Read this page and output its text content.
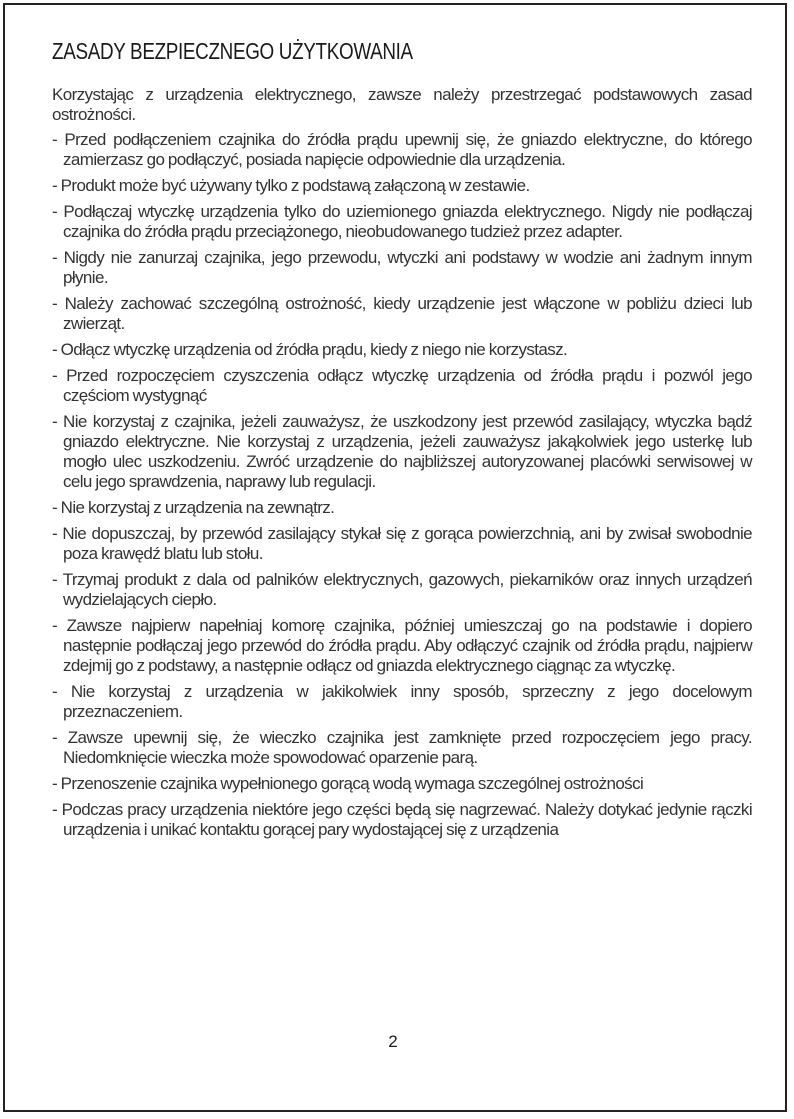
ZASADY BEZPIECZNEGO UŻYTKOWANIA

Korzystając z urządzenia elektrycznego, zawsze należy przestrzegać podstawowych zasad ostrożności.

- Przed podłączeniem czajnika do źródła prądu upewnij się, że gniazdo elektryczne, do którego zamierzasz go podłączyć, posiada napięcie odpowiednie dla urządzenia.
- Produkt może być używany tylko z podstawą załączoną w zestawie.
- Podłączaj wtyczkę urządzenia tylko do uziemionego gniazda elektrycznego. Nigdy nie podłączaj czajnika do źródła prądu przeciążonego, nieobudowanego tudzież przez adapter.
- Nigdy nie zanurzaj czajnika, jego przewodu, wtyczki ani podstawy w wodzie ani żadnym innym płynie.
- Należy zachować szczególną ostrożność, kiedy urządzenie jest włączone w pobliżu dzieci lub zwierząt.
- Odłącz wtyczkę urządzenia od źródła prądu, kiedy z niego nie korzystasz.
- Przed rozpoczęciem czyszczenia odłącz wtyczkę urządzenia od źródła prądu i pozwól jego częściom wystygnąć
- Nie korzystaj z czajnika, jeżeli zauważysz, że uszkodzony jest przewód zasilający, wtyczka bądź gniazdo elektryczne. Nie korzystaj z urządzenia, jeżeli zauważysz jakąkolwiek jego usterkę lub mogło ulec uszkodzeniu. Zwróć urządzenie do najbliższej autoryzowanej placówki serwisowej w celu jego sprawdzenia, naprawy lub regulacji.
- Nie korzystaj z urządzenia na zewnątrz.
- Nie dopuszczaj, by przewód zasilający stykał się z gorąca powierzchnią, ani by zwisał swobodnie poza krawędź blatu lub stołu.
- Trzymaj produkt z dala od palników elektrycznych, gazowych, piekarników oraz innych urządzeń wydzielających ciepło.
- Zawsze najpierw napełniaj komorę czajnika, później umieszczaj go na podstawie i dopiero następnie podłączaj jego przewód do źródła prądu. Aby odłączyć czajnik od źródła prądu, najpierw zdejmij go z podstawy, a następnie odłącz od gniazda elektrycznego ciągnąc za wtyczkę.
- Nie korzystaj z urządzenia w jakikolwiek inny sposób, sprzeczny z jego docelowym przeznaczeniem.
- Zawsze upewnij się, że wieczko czajnika jest zamknięte przed rozpoczęciem jego pracy. Niedomknięcie wieczka może spowodować oparzenie parą.
- Przenoszenie czajnika wypełnionego gorącą wodą wymaga szczególnej ostrożności
- Podczas pracy urządzenia niektóre jego części będą się nagrzewać. Należy dotykać jedynie rączki urządzenia i unikać kontaktu gorącej pary wydostającej się z urządzenia
2
